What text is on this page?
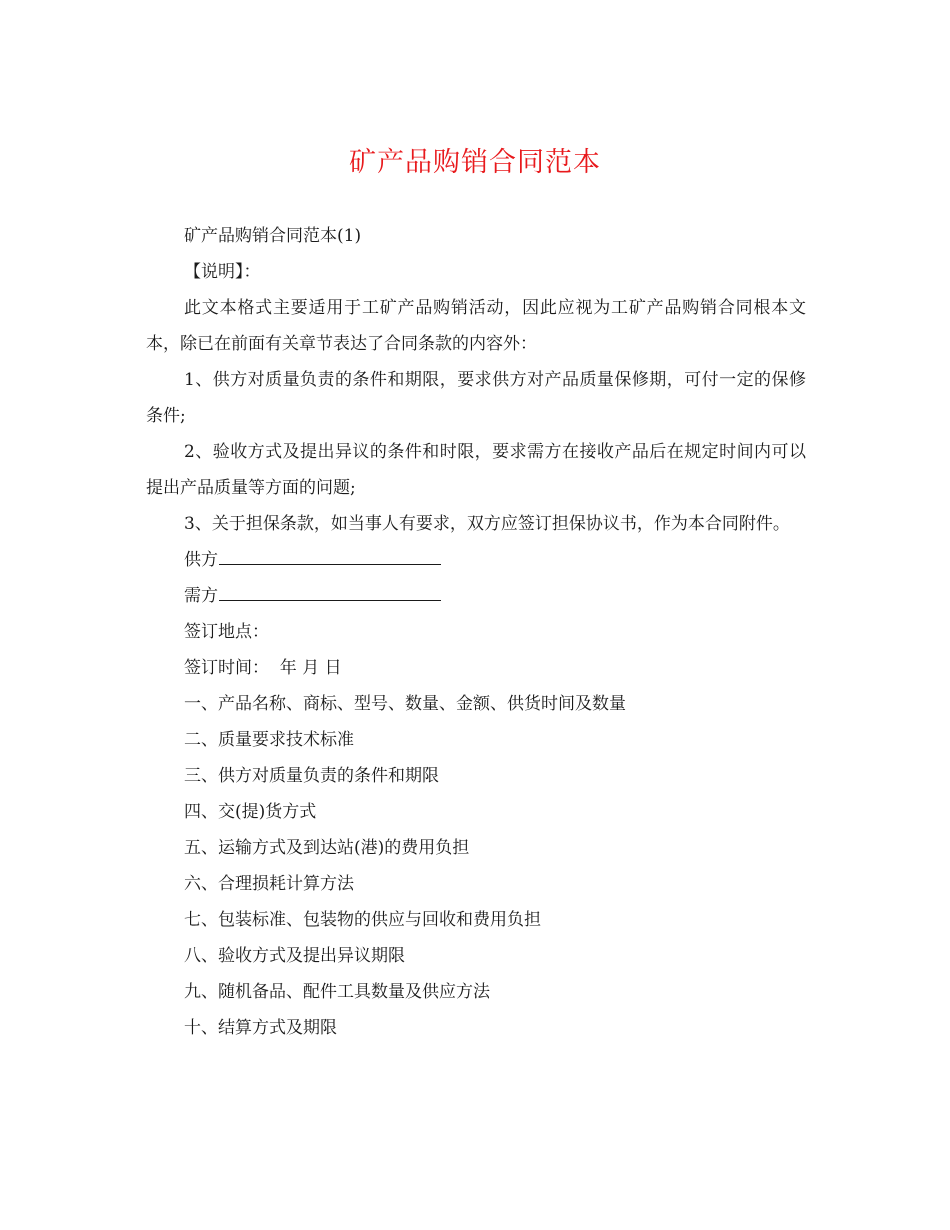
矿产品购销合同范本

矿产品购销合同范本(1)

【说明】：

此文本格式主要适用于工矿产品购销活动，因此应视为工矿产品购销合同根本文本，除已在前面有关章节表达了合同条款的内容外：

1、供方对质量负责的条件和期限，要求供方对产品质量保修期，可付一定的保修条件;

2、验收方式及提出异议的条件和时限，要求需方在接收产品后在规定时间内可以提出产品质量等方面的问题;

3、关于担保条款，如当事人有要求，双方应签订担保协议书，作为本合同附件。

供方

需方

签订地点：

签订时间：  年 月 日

一、产品名称、商标、型号、数量、金额、供货时间及数量

二、质量要求技术标准

三、供方对质量负责的条件和期限

四、交(提)货方式

五、运输方式及到达站(港)的费用负担

六、合理损耗计算方法

七、包装标准、包装物的供应与回收和费用负担

八、验收方式及提出异议期限

九、随机备品、配件工具数量及供应方法

十、结算方式及期限
